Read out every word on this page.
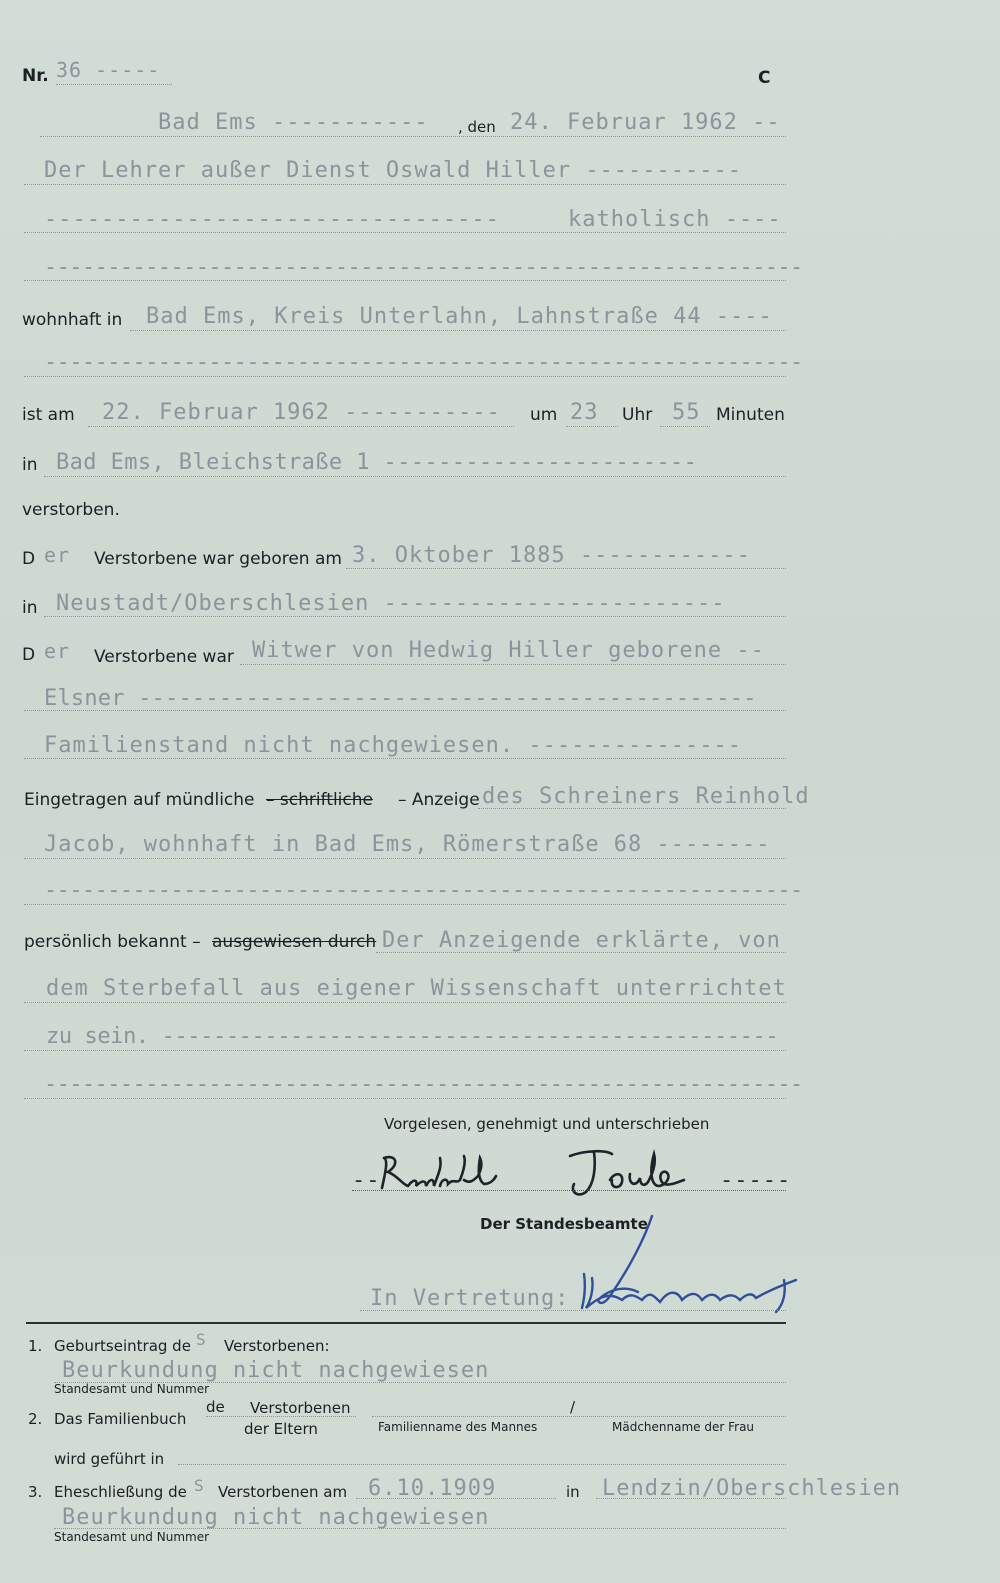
Nr. 36 -----	C
Bad Ems ----------- , den 24. Februar 1962 --
Der Lehrer außer Dienst Oswald Hiller -----------
--------------------------------	katholisch ----
------------------------------------------------------------
wohnhaft in Bad Ems, Kreis Unterlahn, Lahnstraße 44 ----
------------------------------------------------------------
ist am 22. Februar 1962 ----------- um 23 Uhr 55 Minuten
in Bad Ems, Bleichstraße 1 -----------------------
verstorben.
D er Verstorbene war geboren am 3. Oktober 1885 ------------
in Neustadt/Oberschlesien ------------------------
D er Verstorbene war Witwer von Hedwig Hiller geborene --
Elsner ----------------------------------------------
Familienstand nicht nachgewiesen. ---------------
Eingetragen auf mündliche – schriftliche – Anzeige des Schreiners Reinhold
Jacob, wohnhaft in Bad Ems, Römerstraße 68 --------
------------------------------------------------------------
persönlich bekannt – ausgewiesen durch Der Anzeigende erklärte, von
dem Sterbefall aus eigener Wissenschaft unterrichtet
zu sein. ------------------------------------------------
------------------------------------------------------------
Vorgelesen, genehmigt und unterschrieben
--	-----
Der Standesbeamte
In Vertretung:
1. Geburtseintrag de S Verstorbenen:
Beurkundung nicht nachgewiesen
Standesamt und Nummer
2. Das Familienbuch
de Verstorbenen
der Eltern
/
Familienname des Mannes	Mädchenname der Frau
wird geführt in
3. Eheschließung de S Verstorbenen am 6.10.1909	in Lendzin/Oberschlesien
Beurkundung nicht nachgewiesen
Standesamt und Nummer
